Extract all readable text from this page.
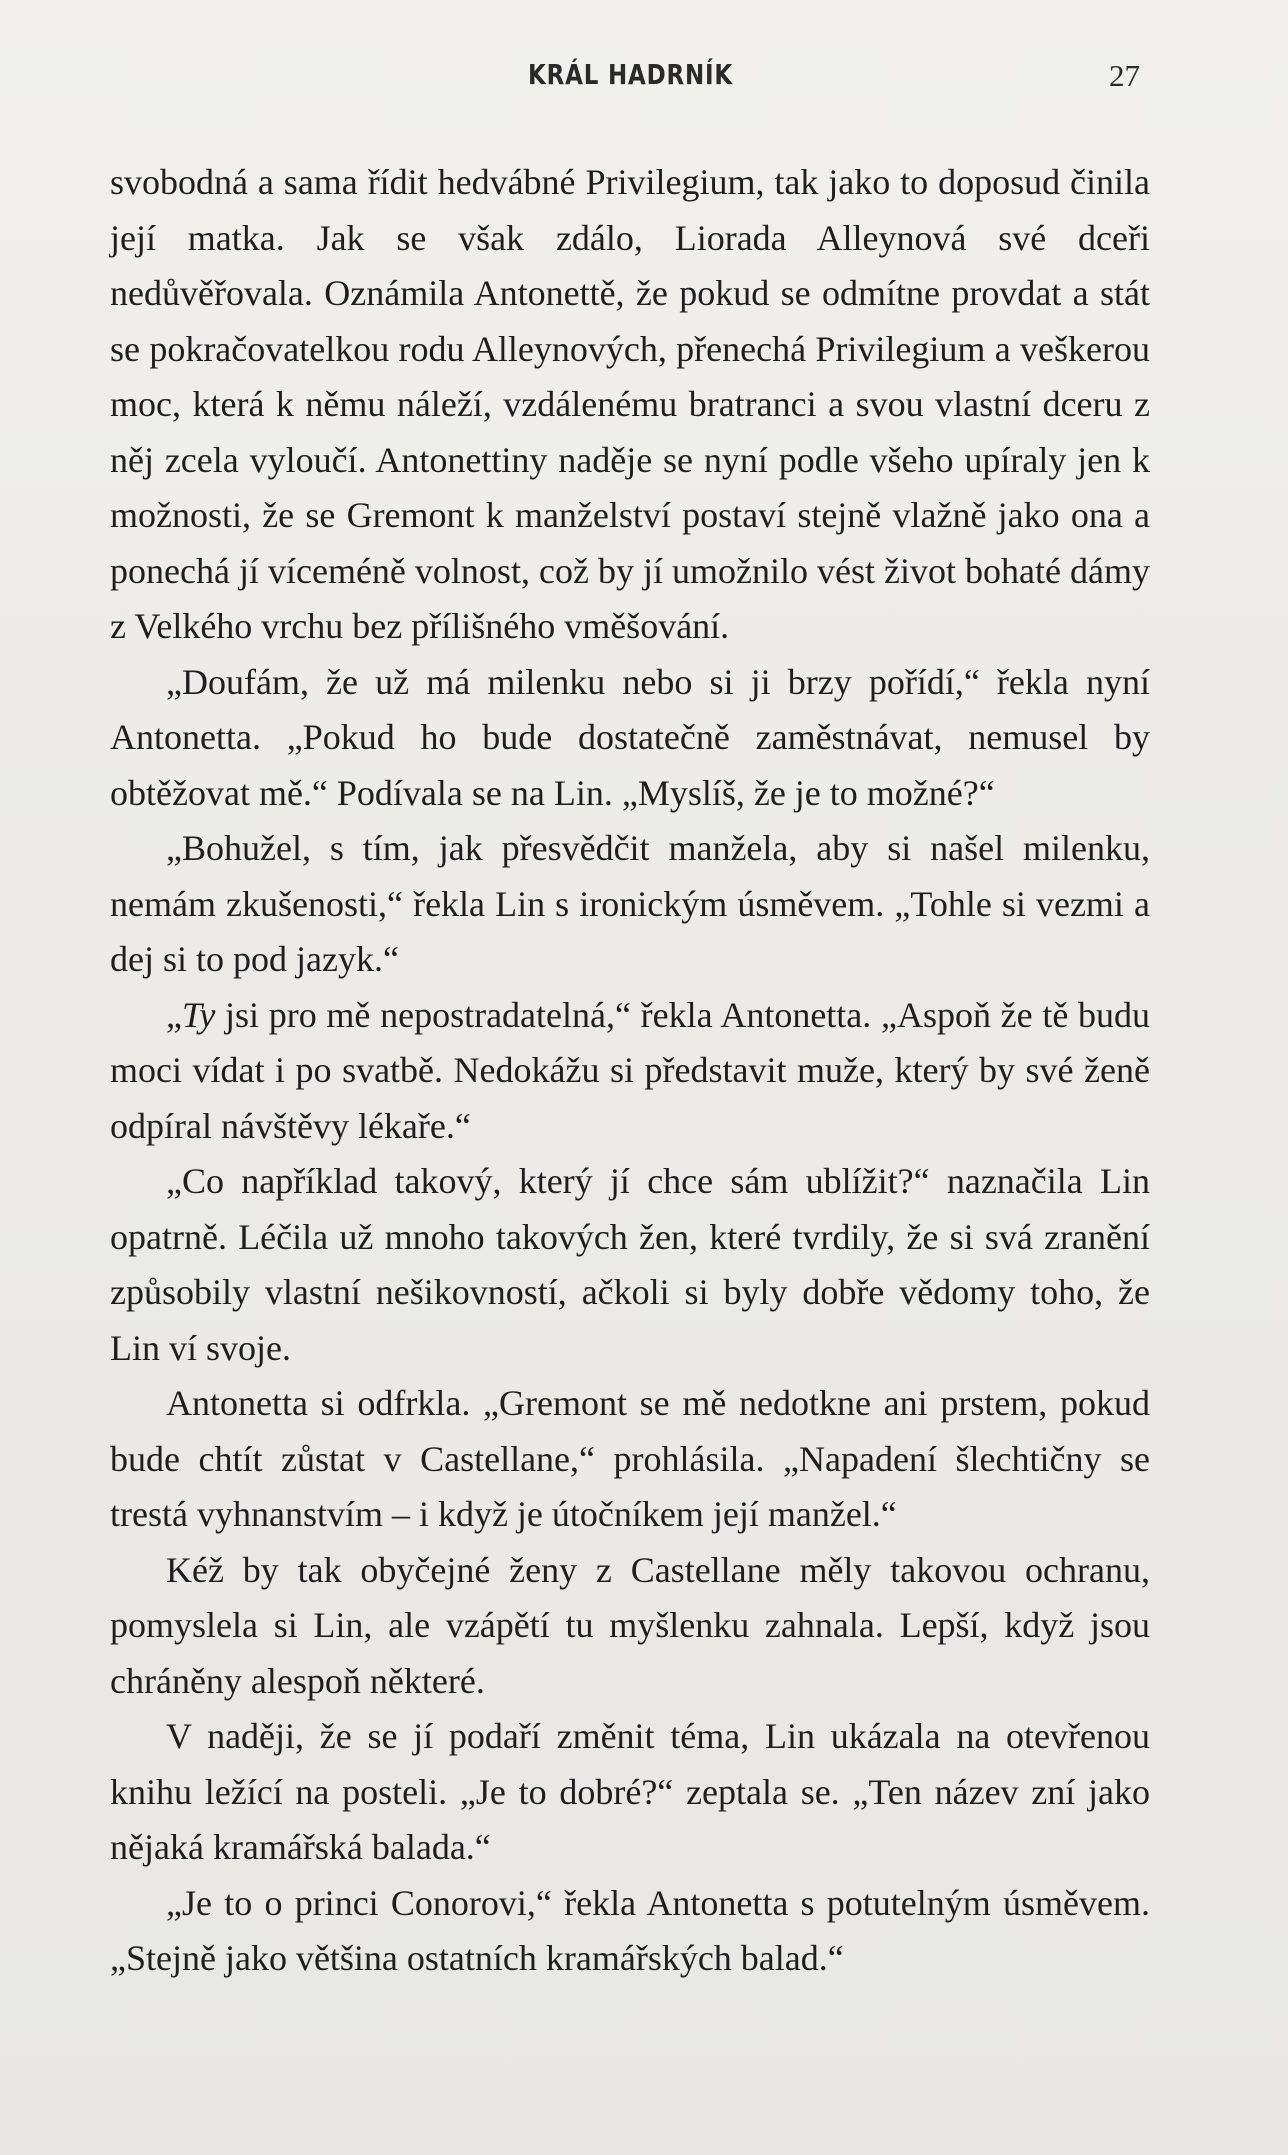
KRÁL HADRNÍK	27

svobodná a sama řídit hedvábné Privilegium, tak jako to doposud činila její matka. Jak se však zdálo, Liorada Alleynová své dceři nedůvěřovala. Oznámila Antonettě, že pokud se odmítne provdat a stát se pokračovatelkou rodu Alleynových, přenechá Privilegium a veškerou moc, která k němu náleží, vzdálenému bratranci a svou vlastní dceru z něj zcela vyloučí. Antonettiny naděje se nyní podle všeho upíraly jen k možnosti, že se Gremont k manželství postaví stejně vlažně jako ona a ponechá jí víceméně volnost, což by jí umožnilo vést život bohaté dámy z Velkého vrchu bez přílišného vměšování.

„Doufám, že už má milenku nebo si ji brzy pořídí,“ řekla nyní Antonetta. „Pokud ho bude dostatečně zaměstnávat, nemusel by obtěžovat mě.“ Podívala se na Lin. „Myslíš, že je to možné?“

„Bohužel, s tím, jak přesvědčit manžela, aby si našel milenku, nemám zkušenosti,“ řekla Lin s ironickým úsměvem. „Tohle si vezmi a dej si to pod jazyk.“

„Ty jsi pro mě nepostradatelná,“ řekla Antonetta. „Aspoň že tě budu moci vídat i po svatbě. Nedokážu si představit muže, který by své ženě odpíral návštěvy lékaře.“

„Co například takový, který jí chce sám ublížit?“ naznačila Lin opatrně. Léčila už mnoho takových žen, které tvrdily, že si svá zranění způsobily vlastní nešikovností, ačkoli si byly dobře vědomy toho, že Lin ví svoje.

Antonetta si odfrkla. „Gremont se mě nedotkne ani prstem, pokud bude chtít zůstat v Castellane,“ prohlásila. „Napadení šlechtičny se trestá vyhnanstvím – i když je útočníkem její manžel.“

Kéž by tak obyčejné ženy z Castellane měly takovou ochranu, pomyslela si Lin, ale vzápětí tu myšlenku zahnala. Lepší, když jsou chráněny alespoň některé.

V naději, že se jí podaří změnit téma, Lin ukázala na otevřenou knihu ležící na posteli. „Je to dobré?“ zeptala se. „Ten název zní jako nějaká kramářská balada.“

„Je to o princi Conorovi,“ řekla Antonetta s potutelným úsměvem. „Stejně jako většina ostatních kramářských balad.“
